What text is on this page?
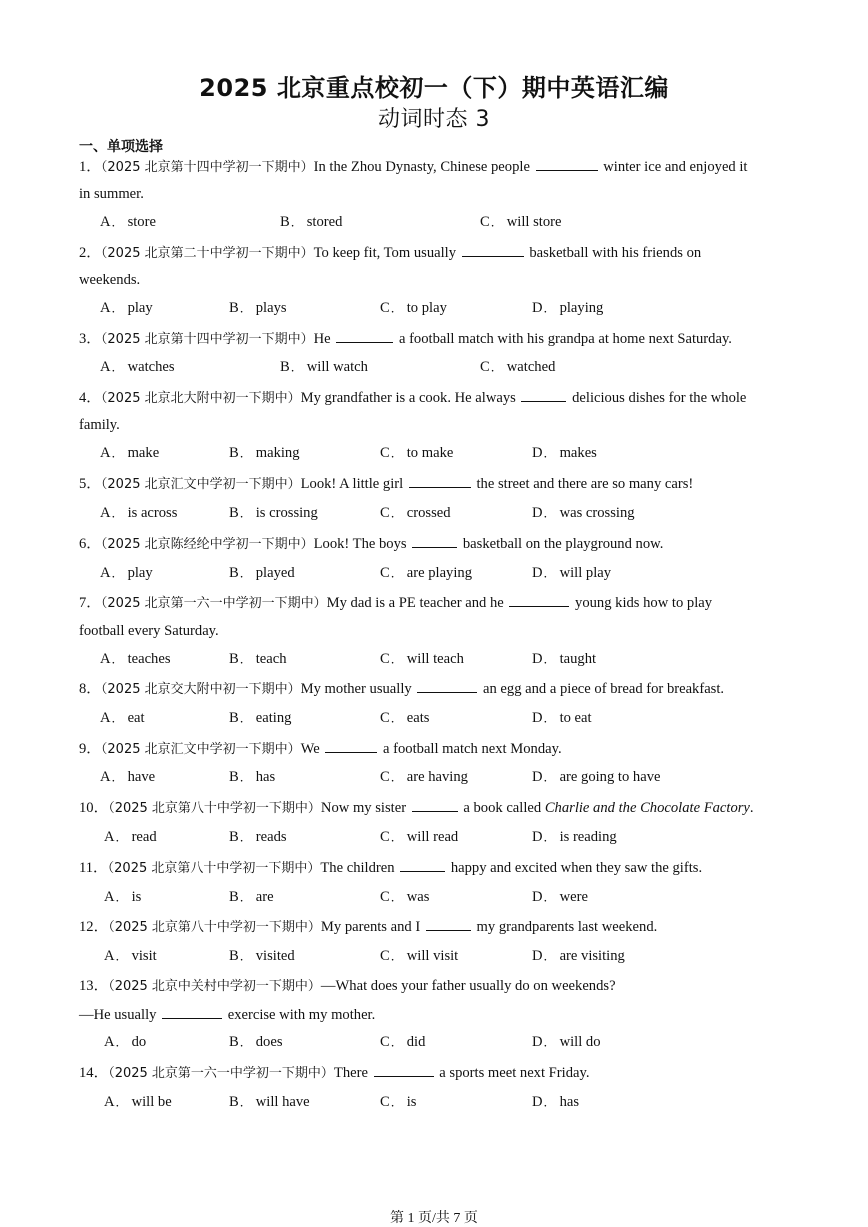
2025 北京重点校初一（下）期中英语汇编
动词时态 3
一、单项选择
1．（2025 北京第十四中学初一下期中）In the Zhou Dynasty, Chinese people	winter ice and enjoyed it
in summer.
A． store	B． stored	C． will store
2．（2025 北京第二十中学初一下期中）To keep fit, Tom usually	basketball with his friends on
weekends.
A． play	B． plays	C． to play	D． playing
3．（2025 北京第十四中学初一下期中）He	a football match with his grandpa at home next Saturday.
A． watches	B． will watch	C． watched
4．（2025 北京北大附中初一下期中）My grandfather is a cook. He always	delicious dishes for the whole
family.
A． make	B． making	C． to make	D． makes
5．（2025 北京汇文中学初一下期中）Look! A little girl	the street and there are so many cars!
A． is across	B． is crossing	C． crossed	D． was crossing
6．（2025 北京陈经纶中学初一下期中）Look! The boys	basketball on the playground now.
A． play	B． played	C． are playing	D． will play
7．（2025 北京第一六一中学初一下期中）My dad is a PE teacher and he	young kids how to play
football every Saturday.
A． teaches	B． teach	C． will teach	D． taught
8．（2025 北京交大附中初一下期中）My mother usually	an egg and a piece of bread for breakfast.
A． eat	B． eating	C． eats	D． to eat
9．（2025 北京汇文中学初一下期中）We	a football match next Monday.
A． have	B． has	C． are having	D． are going to have
10．（2025 北京第八十中学初一下期中）Now my sister	a book called Charlie and the Chocolate Factory.
A． read	B． reads	C． will read	D． is reading
11．（2025 北京第八十中学初一下期中）The children	happy and excited when they saw the gifts.
A． is	B． are	C． was	D． were
12．（2025 北京第八十中学初一下期中）My parents and I	my grandparents last weekend.
A． visit	B． visited	C． will visit	D． are visiting
13．（2025 北京中关村中学初一下期中）—What does your father usually do on weekends?
—He usually	exercise with my mother.
A． do	B． does	C． did	D． will do
14．（2025 北京第一六一中学初一下期中）There	a sports meet next Friday.
A． will be	B． will have	C． is	D． has
第 1 页/共 7 页
